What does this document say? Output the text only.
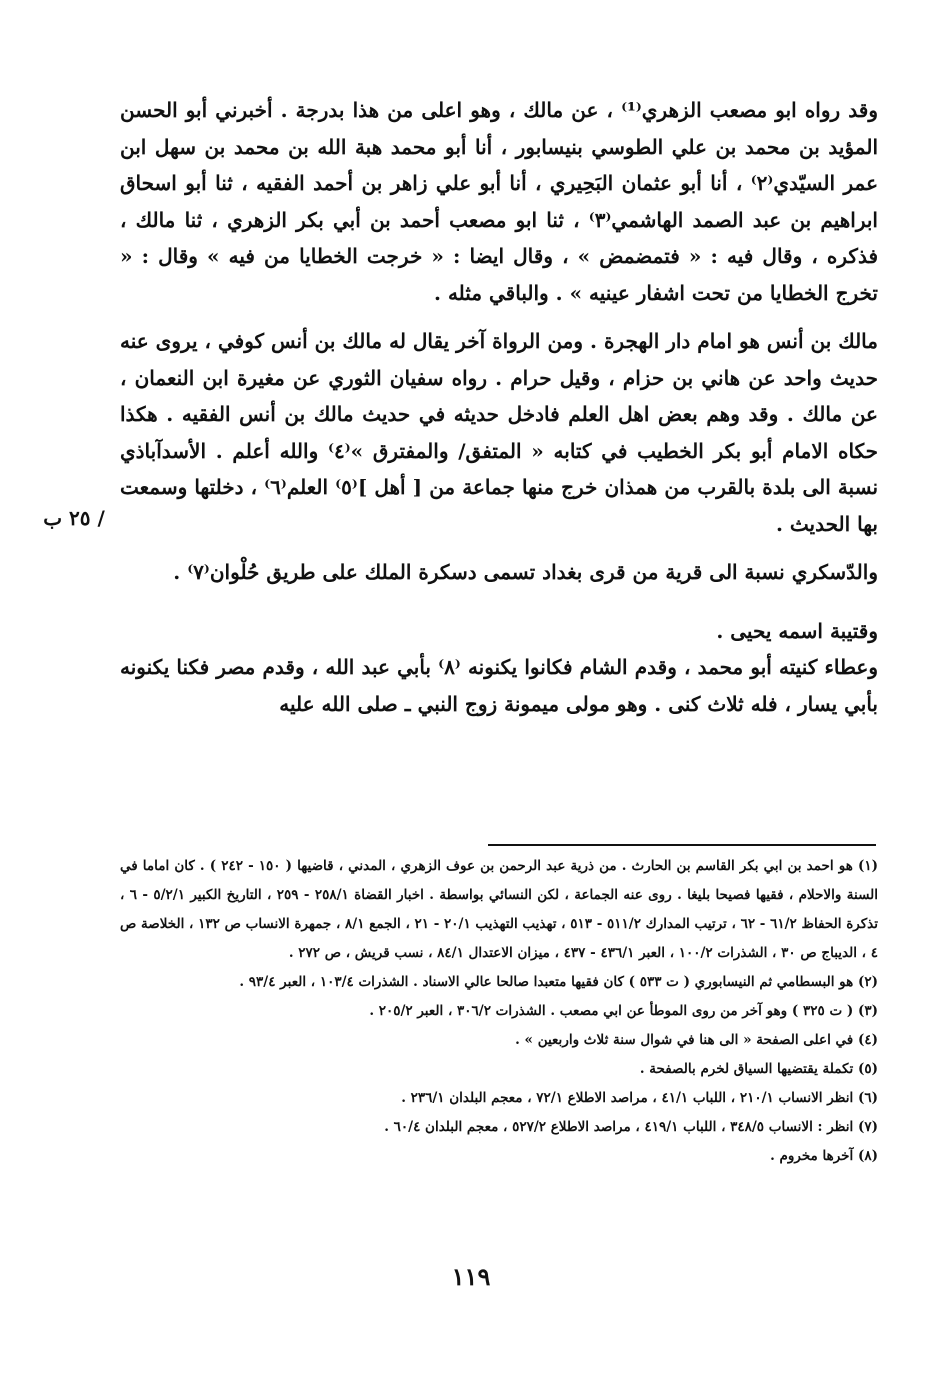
/ ٢٥ ب

وقد رواه ابو مصعب الزهري⁽¹⁾ ، عن مالك ، وهو اعلى من هذا بدرجة . أخبرني أبو الحسن المؤيد بن محمد بن علي الطوسي بنيسابور ، أنا أبو محمد هبة الله بن محمد بن سهل ابن عمر السيّدي⁽٢⁾ ، أنا أبو عثمان البَحِيري ، أنا أبو علي زاهر بن أحمد الفقيه ، ثنا أبو اسحاق ابراهيم بن عبد الصمد الهاشمي⁽٣⁾ ، ثنا ابو مصعب أحمد بن أبي بكر الزهري ، ثنا مالك ، فذكره ، وقال فيه : « فتمضمض » ، وقال ايضا : « خرجت الخطايا من فيه » وقال : « تخرج الخطايا من تحت اشفار عينيه » . والباقي مثله .

مالك بن أنس هو امام دار الهجرة . ومن الرواة آخر يقال له مالك بن أنس كوفي ، يروى عنه حديث واحد عن هاني بن حزام ، وقيل حرام . رواه سفيان الثوري عن مغيرة ابن النعمان ، عن مالك . وقد وهم بعض اهل العلم فادخل حديثه في حديث مالك بن أنس الفقيه . هكذا حكاه الامام أبو بكر الخطيب في كتابه « المتفق/ والمفترق »⁽٤⁾ والله أعلم . الأسدآباذي نسبة الى بلدة بالقرب من همذان خرج منها جماعة من [ أهل ]⁽٥⁾ العلم⁽٦⁾ ، دخلتها وسمعت بها الحديث .

والدّسكري نسبة الى قرية من قرى بغداد تسمى دسكرة الملك على طريق حُلْوان⁽٧⁾ .

وقتيبة اسمه يحيى .

وعطاء كنيته أبو محمد ، وقدم الشام فكانوا يكنونه ⁽٨⁾ بأبي عبد الله ، وقدم مصر فكنا يكنونه بأبي يسار ، فله ثلاث كنى . وهو مولى ميمونة زوج النبي ـ صلى الله عليه

(١) هو احمد بن ابي بكر القاسم بن الحارث . من ذرية عبد الرحمن بن عوف الزهري ، المدني ، قاضيها ( ١٥٠ - ٢٤٢ ) . كان اماما في السنة والاحلام ، فقيها فصيحا بليغا . روى عنه الجماعة ، لكن النسائي بواسطة . اخبار القضاة ٢٥٨/١ - ٢٥٩ ، التاريخ الكبير ٥/٢/١ - ٦ ، تذكرة الحفاظ ٦١/٢ - ٦٢ ، ترتيب المدارك ٥١١/٢ - ٥١٣ ، تهذيب التهذيب ٢٠/١ - ٢١ ، الجمع ٨/١ ، جمهرة الانساب ص ١٣٢ ، الخلاصة ص ٤ ، الديباج ص ٣٠ ، الشذرات ١٠٠/٢ ، العبر ٤٣٦/١ - ٤٣٧ ، ميزان الاعتدال ٨٤/١ ، نسب قريش ، ص ٢٧٢ .
(٢) هو البسطامي ثم النيسابوري ( ت ٥٣٣ ) كان فقيها متعبدا صالحا عالي الاسناد . الشذرات ١٠٣/٤ ، العبر ٩٣/٤ .
(٣) ( ت ٣٢٥ ) وهو آخر من روى الموطأ عن ابي مصعب . الشذرات ٣٠٦/٢ ، العبر ٢٠٥/٢ .
(٤) في اعلى الصفحة « الى هنا في شوال سنة ثلاث واربعين » .
(٥) تكملة يقتضيها السياق لخرم بالصفحة .
(٦) انظر الانساب ٢١٠/١ ، اللباب ٤١/١ ، مراصد الاطلاع ٧٢/١ ، معجم البلدان ٢٣٦/١ .
(٧) انظر : الانساب ٣٤٨/٥ ، اللباب ٤١٩/١ ، مراصد الاطلاع ٥٢٧/٢ ، معجم البلدان ٦٠/٤ .
(٨) آخرها مخروم .
١١٩
